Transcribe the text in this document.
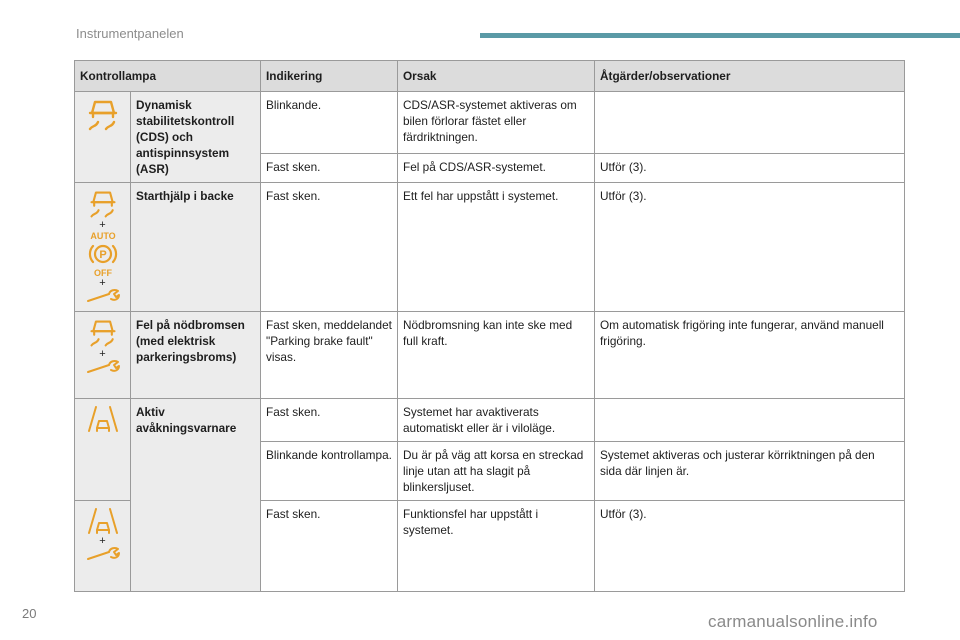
Instrumentpanelen
Kontrollampa		Indikering	Orsak	Åtgärder/observationer

	Dynamisk stabilitetskontroll (CDS) och antispinnsystem (ASR)	Blinkande.	CDS/ASR-systemet aktiveras om bilen förlorar fästet eller färdriktningen.	
		Fast sken.	Fel på CDS/ASR-systemet.	Utför (3).

+
AUTO
P
OFF
+	Starthjälp i backe	Fast sken.	Ett fel har uppstått i systemet.	Utför (3).

+	Fel på nödbromsen (med elektrisk parkeringsbroms)	Fast sken, meddelandet "Parking brake fault" visas.	Nödbromsning kan inte ske med full kraft.	Om automatisk frigöring inte fungerar, använd manuell frigöring.

	Aktiv avåkningsvarnare	Fast sken.	Systemet har avaktiverats automatiskt eller är i viloläge.	
		Blinkande kontrollampa.	Du är på väg att korsa en streckad linje utan att ha slagit på blinkersljuset.	Systemet aktiveras och justerar körriktningen på den sida där linjen är.

+		Fast sken.	Funktionsfel har uppstått i systemet.	Utför (3).
20	carmanualsonline.info
